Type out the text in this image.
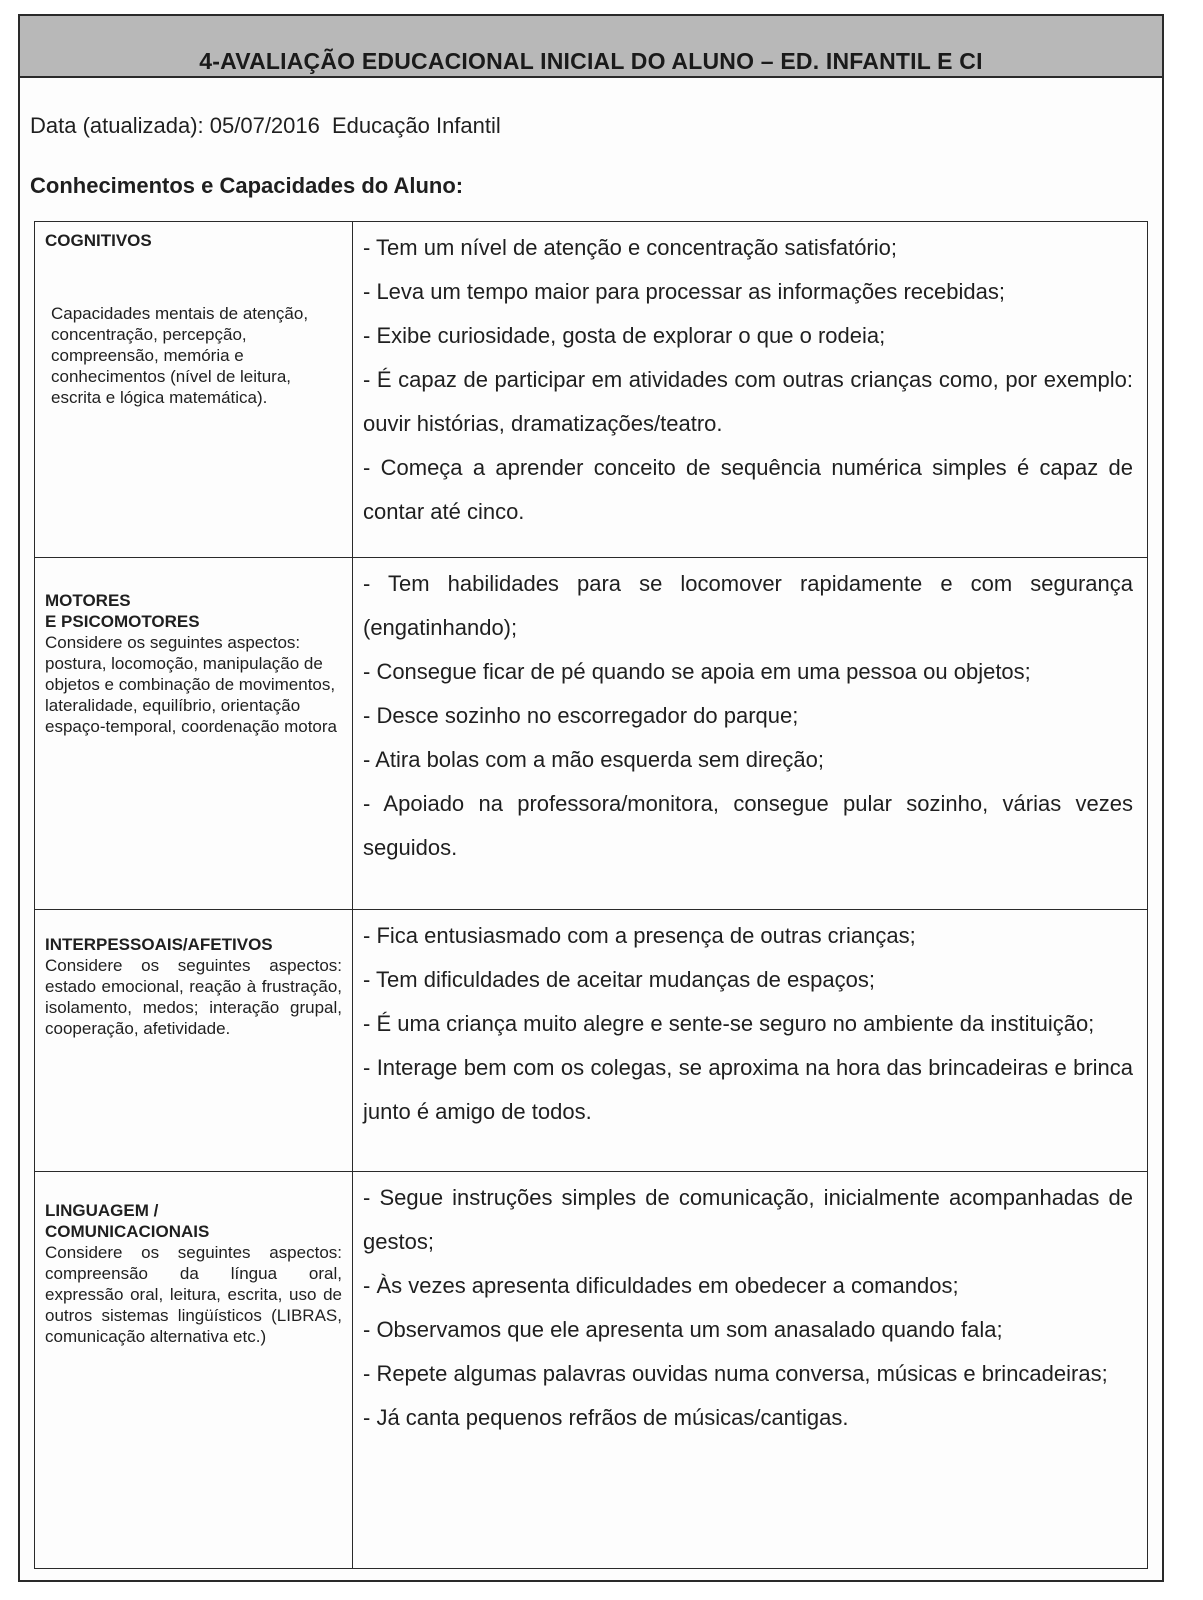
4-AVALIAÇÃO EDUCACIONAL INICIAL DO ALUNO – ED. INFANTIL E CI
Data (atualizada): 05/07/2016 Educação Infantil
Conhecimentos e Capacidades do Aluno:
COGNITIVOS
Capacidades mentais de atenção, concentração, percepção, compreensão, memória e conhecimentos (nível de leitura, escrita e lógica matemática).

- Tem um nível de atenção e concentração satisfatório;

- Leva um tempo maior para processar as informações recebidas;

- Exibe curiosidade, gosta de explorar o que o rodeia;

- É capaz de participar em atividades com outras crianças como, por exemplo: ouvir histórias, dramatizações/teatro.

- Começa a aprender conceito de sequência numérica simples é capaz de contar até cinco.

MOTORES
E PSICOMOTORES
Considere os seguintes aspectos: postura, locomoção, manipulação de objetos e combinação de movimentos, lateralidade, equilíbrio, orientação espaço-temporal, coordenação motora

- Tem habilidades para se locomover rapidamente e com segurança (engatinhando);

- Consegue ficar de pé quando se apoia em uma pessoa ou objetos;

- Desce sozinho no escorregador do parque;

- Atira bolas com a mão esquerda sem direção;

- Apoiado na professora/monitora, consegue pular sozinho, várias vezes seguidos.

INTERPESSOAIS/AFETIVOS
Considere os seguintes aspectos: estado emocional, reação à frustração, isolamento, medos; interação grupal, cooperação, afetividade.

- Fica entusiasmado com a presença de outras crianças;

- Tem dificuldades de aceitar mudanças de espaços;

- É uma criança muito alegre e sente-se seguro no ambiente da instituição;

- Interage bem com os colegas, se aproxima na hora das brincadeiras e brinca junto é amigo de todos.

LINGUAGEM /
COMUNICACIONAIS
Considere os seguintes aspectos: compreensão da língua oral, expressão oral, leitura, escrita, uso de outros sistemas lingüísticos (LIBRAS, comunicação alternativa etc.)

- Segue instruções simples de comunicação, inicialmente acompanhadas de gestos;

- Às vezes apresenta dificuldades em obedecer a comandos;

- Observamos que ele apresenta um som anasalado quando fala;

- Repete algumas palavras ouvidas numa conversa, músicas e brincadeiras;

- Já canta pequenos refrãos de músicas/cantigas.
